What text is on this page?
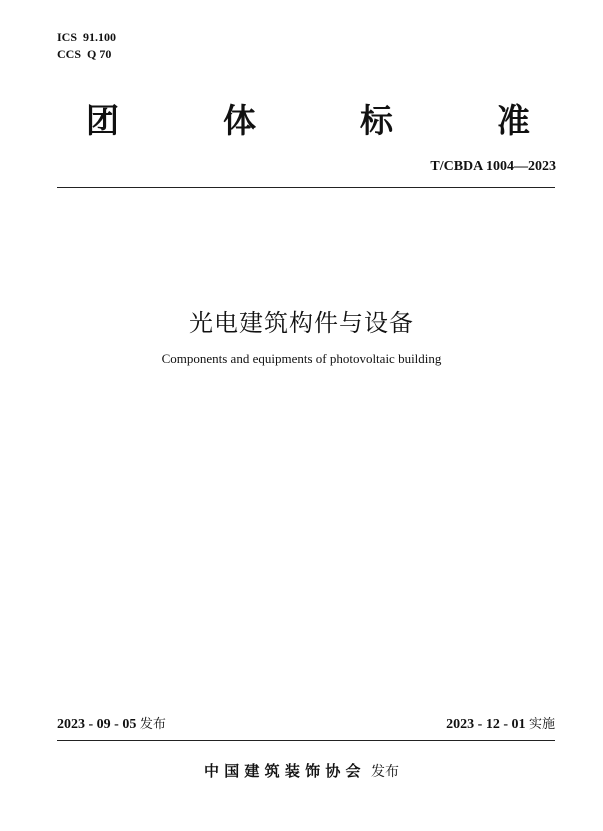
ICS  91.100
CCS  Q 70
团	体	标	准
T/CBDA 1004—2023
光电建筑构件与设备
Components and equipments of photovoltaic building
2023 - 09 - 05 发布	2023 - 12 - 01 实施
中 国 建 筑 装 饰 协 会 发布
